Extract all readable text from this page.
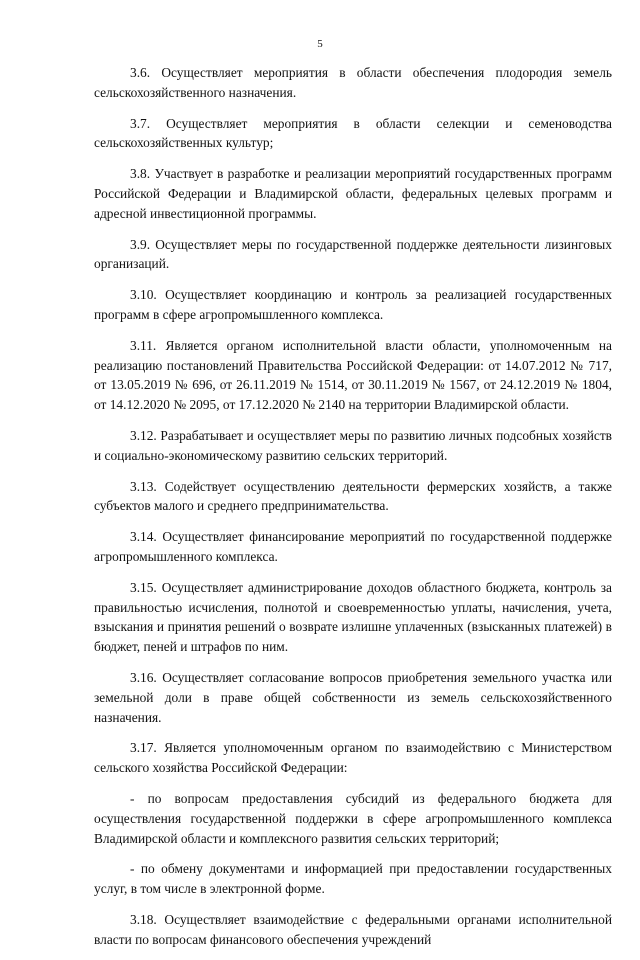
5

3.6. Осуществляет мероприятия в области обеспечения плодородия земель сельскохозяйственного назначения.

3.7. Осуществляет мероприятия в области селекции и семеноводства сельскохозяйственных культур;

3.8. Участвует в разработке и реализации мероприятий государственных программ Российской Федерации и Владимирской области, федеральных целевых программ и адресной инвестиционной программы.

3.9. Осуществляет меры по государственной поддержке деятельности лизинговых организаций.

3.10. Осуществляет координацию и контроль за реализацией государственных программ в сфере агропромышленного комплекса.

3.11. Является органом исполнительной власти области, уполномоченным на реализацию постановлений Правительства Российской Федерации: от 14.07.2012 № 717, от 13.05.2019 № 696, от 26.11.2019 № 1514, от 30.11.2019 № 1567, от 24.12.2019 № 1804, от 14.12.2020 № 2095, от 17.12.2020 № 2140 на территории Владимирской области.

3.12. Разрабатывает и осуществляет меры по развитию личных подсобных хозяйств и социально-экономическому развитию сельских территорий.

3.13. Содействует осуществлению деятельности фермерских хозяйств, а также субъектов малого и среднего предпринимательства.

3.14. Осуществляет финансирование мероприятий по государственной поддержке агропромышленного комплекса.

3.15. Осуществляет администрирование доходов областного бюджета, контроль за правильностью исчисления, полнотой и своевременностью уплаты, начисления, учета, взыскания и принятия решений о возврате излишне уплаченных (взысканных платежей) в бюджет, пеней и штрафов по ним.

3.16. Осуществляет согласование вопросов приобретения земельного участка или земельной доли в праве общей собственности из земель сельскохозяйственного назначения.

3.17. Является уполномоченным органом по взаимодействию с Министерством сельского хозяйства Российской Федерации:

- по вопросам предоставления субсидий из федерального бюджета для осуществления государственной поддержки в сфере агропромышленного комплекса Владимирской области и комплексного развития сельских территорий;

- по обмену документами и информацией при предоставлении государственных услуг, в том числе в электронной форме.

3.18. Осуществляет взаимодействие с федеральными органами исполнительной власти по вопросам финансового обеспечения учреждений
